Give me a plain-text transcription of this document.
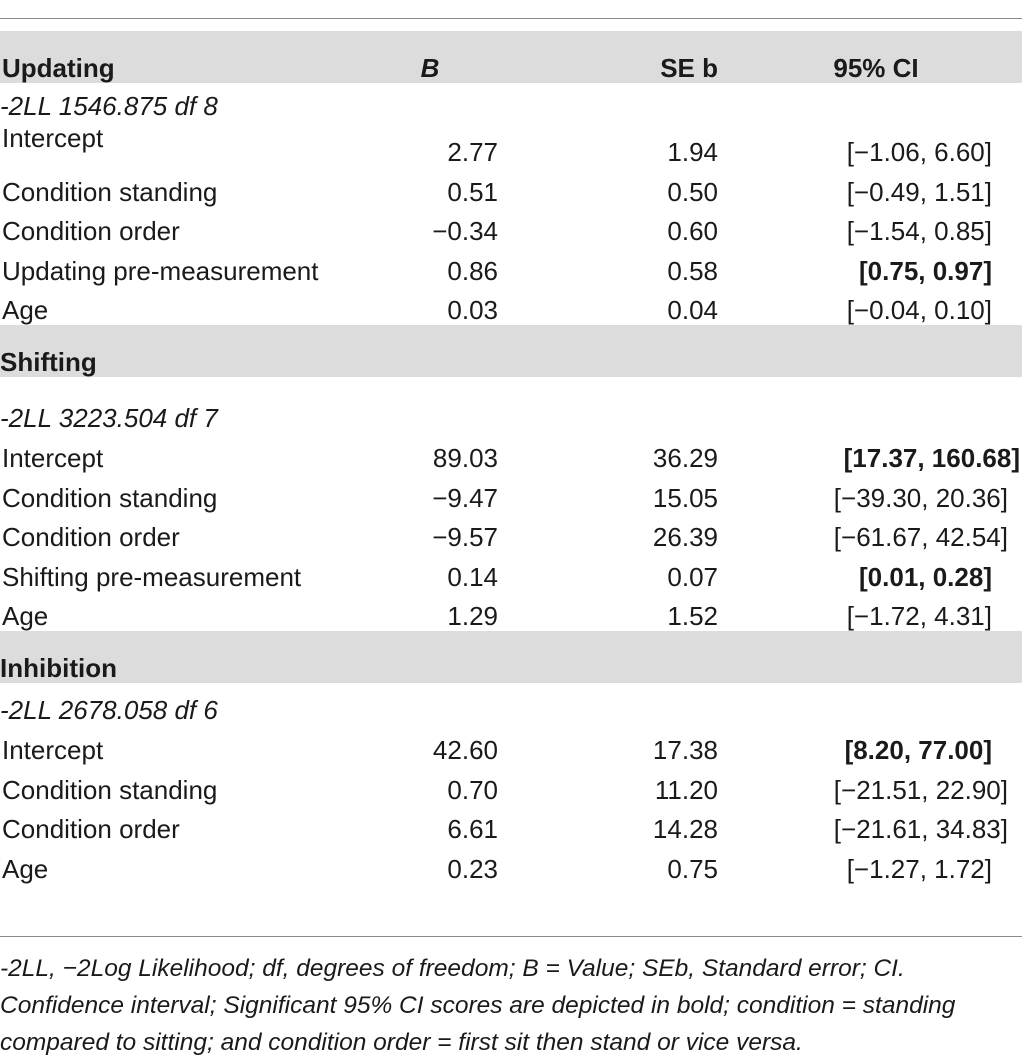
Updating	B	SE b	95% CI
-2LL 1546.875 df 8			
Intercept	2.77	1.94	[−1.06, 6.60]
Condition standing	0.51	0.50	[−0.49, 1.51]
Condition order	−0.34	0.60	[−1.54, 0.85]
Updating pre-measurement	0.86	0.58	[0.75, 0.97]
Age	0.03	0.04	[−0.04, 0.10]
Shifting			
-2LL 3223.504 df 7			
Intercept	89.03	36.29	[17.37, 160.68]
Condition standing	−9.47	15.05	[−39.30, 20.36]
Condition order	−9.57	26.39	[−61.67, 42.54]
Shifting pre-measurement	0.14	0.07	[0.01, 0.28]
Age	1.29	1.52	[−1.72, 4.31]
Inhibition			
-2LL 2678.058 df 6			
Intercept	42.60	17.38	[8.20, 77.00]
Condition standing	0.70	11.20	[−21.51, 22.90]
Condition order	6.61	14.28	[−21.61, 34.83]
Age	0.23	0.75	[−1.27, 1.72]
-2LL, −2Log Likelihood; df, degrees of freedom; B = Value; SEb, Standard error; CI. Confidence interval; Significant 95% CI scores are depicted in bold; condition = standing compared to sitting; and condition order = first sit then stand or vice versa.
